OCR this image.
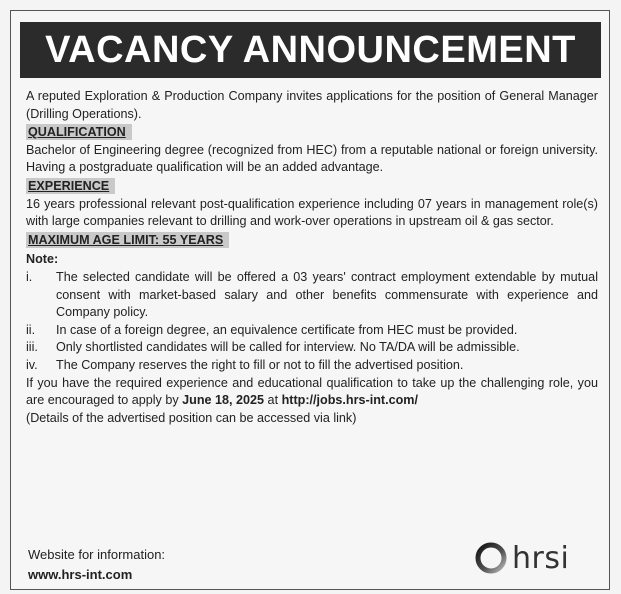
VACANCY ANNOUNCEMENT

A reputed Exploration & Production Company invites applications for the position of General Manager (Drilling Operations).

QUALIFICATION

Bachelor of Engineering degree (recognized from HEC) from a reputable national or foreign university. Having a postgraduate qualification will be an added advantage.

EXPERIENCE

16 years professional relevant post-qualification experience including 07 years in management role(s) with large companies relevant to drilling and work-over operations in upstream oil & gas sector.

MAXIMUM AGE LIMIT: 55 YEARS
Note:
i.	The selected candidate will be offered a 03 years' contract employment extendable by mutual consent with market-based salary and other benefits commensurate with experience and Company policy.
ii.	In case of a foreign degree, an equivalence certificate from HEC must be provided.
iii.	Only shortlisted candidates will be called for interview. No TA/DA will be admissible.
iv.	The Company reserves the right to fill or not to fill the advertised position.

If you have the required experience and educational qualification to take up the challenging role, you are encouraged to apply by June 18, 2025 at http://jobs.hrs-int.com/

(Details of the advertised position can be accessed via link)

Website for information:
www.hrs-int.com	hrsi
